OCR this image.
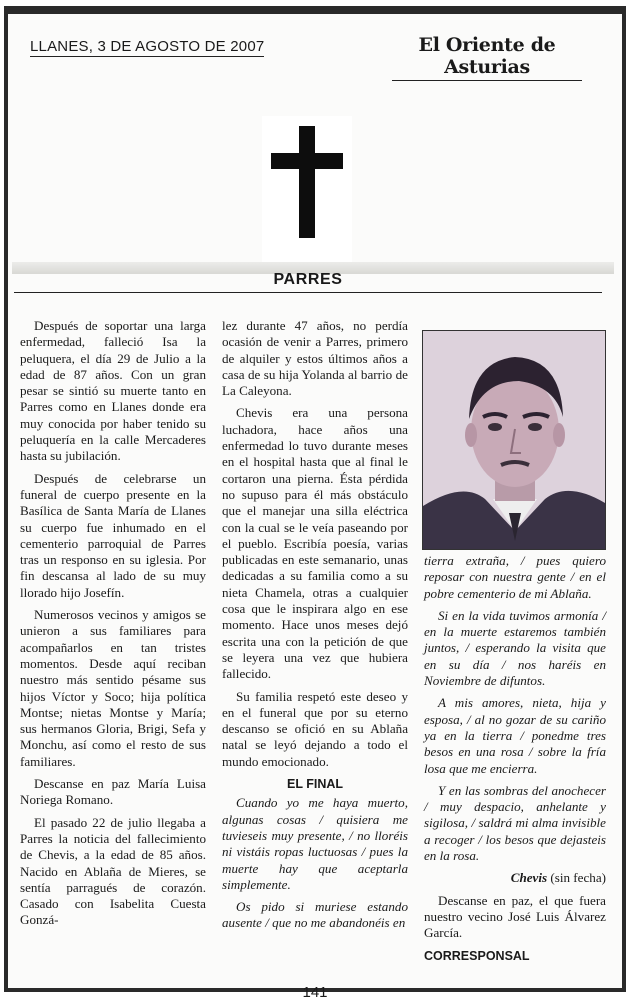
LLANES, 3 DE AGOSTO DE 2007	El Oriente de Asturias
PARRES

Después de soportar una larga enfermedad, falleció Isa la peluquera, el día 29 de Julio a la edad de 87 años. Con un gran pesar se sintió su muerte tanto en Parres como en Llanes donde era muy conocida por haber tenido su peluquería en la calle Mercaderes hasta su jubilación.

Después de celebrarse un funeral de cuerpo presente en la Basílica de Santa María de Llanes su cuerpo fue inhumado en el cementerio parroquial de Parres tras un responso en su iglesia. Por fin descansa al lado de su muy llorado hijo Josefín.

Numerosos vecinos y amigos se unieron a sus familiares para acompañarlos en tan tristes momentos. Desde aquí reciban nuestro más sentido pésame sus hijos Víctor y Soco; hija política Montse; nietas Montse y María; sus hermanos Gloria, Brigi, Sefa y Monchu, así como el resto de sus familiares.

Descanse en paz María Luisa Noriega Romano.

El pasado 22 de julio llegaba a Parres la noticia del fallecimiento de Chevis, a la edad de 85 años. Nacido en Ablaña de Mieres, se sentía parragués de corazón. Casado con Isabelita Cuesta Gonzá-

lez durante 47 años, no perdía ocasión de venir a Parres, primero de alquiler y estos últimos años a casa de su hija Yolanda al barrio de La Caleyona.

Chevis era una persona luchadora, hace años una enfermedad lo tuvo durante meses en el hospital hasta que al final le cortaron una pierna. Ésta pérdida no supuso para él más obstáculo que el manejar una silla eléctrica con la cual se le veía paseando por el pueblo. Escribía poesía, varias publicadas en este semanario, unas dedicadas a su familia como a su nieta Chamela, otras a cualquier cosa que le inspirara algo en ese momento. Hace unos meses dejó escrita una con la petición de que se leyera una vez que hubiera fallecido.

Su familia respetó este deseo y en el funeral que por su eterno descanso se ofició en su Ablaña natal se leyó dejando a todo el mundo emocionado.

EL FINAL

Cuando yo me haya muerto, algunas cosas / quisiera me tuvieseis muy presente, / no lloréis ni vistáis ropas luctuosas / pues la muerte hay que aceptarla simplemente.

Os pido si muriese estando ausente / que no me abandonéis en

tierra extraña, / pues quiero reposar con nuestra gente / en el pobre cementerio de mi Ablaña.

Si en la vida tuvimos armonía / en la muerte estaremos también juntos, / esperando la visita que en su día / nos haréis en Noviembre de difuntos.

A mis amores, nieta, hija y esposa, / al no gozar de su cariño ya en la tierra / ponedme tres besos en una rosa / sobre la fría losa que me encierra.

Y en las sombras del anochecer / muy despacio, anhelante y sigilosa, / saldrá mi alma invisible a recoger / los besos que dejasteis en la rosa.

Chevis (sin fecha)

Descanse en paz, el que fuera nuestro vecino José Luis Álvarez García.

CORRESPONSAL

141
